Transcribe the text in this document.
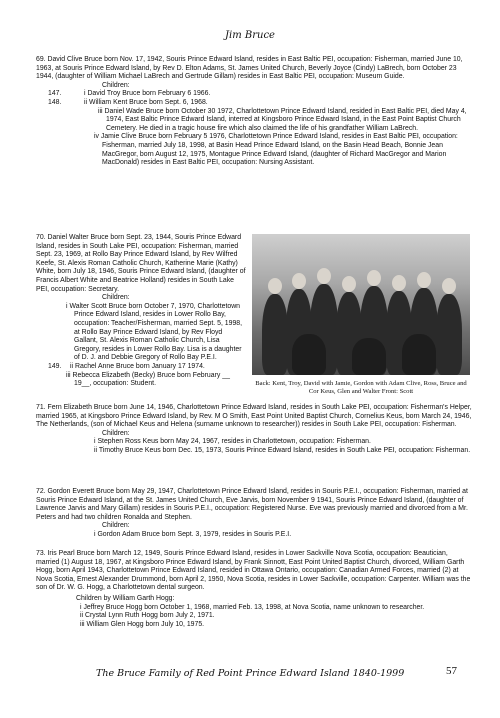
Jim Bruce

69. David Clive Bruce born Nov. 17, 1942, Souris Prince Edward Island, resides in East Baltic PEI, occupation: Fisherman, married June 10, 1963, at Souris Prince Edward Island, by Rev D. Elton Adams, St. James United Church, Beverly Joyce (Cindy) LaBrech, born October 23 1944, (daughter of William Michael LaBrech and Gertrude Gillam) resides in East Baltic PEI, occupation: Museum Guide.

Children:

147.	i David Troy Bruce born February 6 1966.

148.	ii William Kent Bruce born Sept. 6, 1968.

iii Daniel Wade Bruce born October 30 1972, Charlottetown Prince Edward Island, resided in East Baltic PEI, died May 4, 1974, East Baltic Prince Edward Island, interred at Kingsboro Prince Edward Island, in the East Point Baptist Church Cemetery. He died in a tragic house fire which also claimed the life of his grandfather William LaBrech.

iv Jamie Clive Bruce born February 5 1976, Charlottetown Prince Edward Island, resides in East Baltic PEI, occupation: Fisherman, married July 18, 1998, at Basin Head Prince Edward Island, on the Basin Head Beach, Bonnie Jean MacGregor, born August 12, 1975, Montague Prince Edward Island, (daughter of Richard MacGregor and Marion MacDonald) resides in East Baltic PEI, occupation: Nursing Assistant.

70. Daniel Walter Bruce born Sept. 23, 1944, Souris Prince Edward Island, resides in South Lake PEI, occupation: Fisherman, married Sept. 23, 1969, at Rollo Bay Prince Edward Island, by Rev Wilfred Keefe, St. Alexis Roman Catholic Church, Katherine Marie (Kathy) White, born July 18, 1946, Souris Prince Edward Island, (daughter of Francis Albert White and Beatrice Holland) resides in South Lake PEI, occupation: Secretary.

Children:

i Walter Scott Bruce born October 7, 1970, Charlottetown Prince Edward Island, resides in Lower Rollo Bay, occupation: Teacher/Fisherman, married Sept. 5, 1998, at Rollo Bay Prince Edward Island, by Rev Floyd Gallant, St. Alexis Roman Catholic Church, Lisa Gregory, resides in Lower Rollo Bay. Lisa is a daughter of D. J. and Debbie Gregory of Rollo Bay P.E.I.

149. ii Rachel Anne Bruce born January 17 1974.

iii Rebecca Elizabeth (Becky) Bruce born February __ 19__, occupation: Student.	Back: Kent, Troy, David with Jamie, Gordon with Adam Clive, Ross, Bruce and Cor Keus, Glen and Walter Front: Scott

71. Fern Elizabeth Bruce born June 14, 1946, Charlottetown Prince Edward Island, resides in South Lake PEI, occupation: Fisherman's Helper, married 1965, at Kingsboro Prince Edward Island, by Rev. M O Smith, East Point United Baptist Church, Cornelius Keus, born March 24, 1946, The Netherlands, (son of Michael Keus and Helena (surname unknown to researcher)) resides in South Lake PEI, occupation: Fisherman.

Children:

i Stephen Ross Keus born May 24, 1967, resides in Charlottetown, occupation: Fisherman.

ii Timothy Bruce Keus born Dec. 15, 1973, Souris Prince Edward Island, resides in South Lake PEI, occupation: Fisherman.

72. Gordon Everett Bruce born May 29, 1947, Charlottetown Prince Edward Island, resides in Souris P.E.I., occupation: Fisherman, married at Souris Prince Edward Island, at the St. James United Church, Eve Jarvis, born November 9 1941, Souris Prince Edward Island, (daughter of Lawrence Jarvis and Mary Gillam) resides in Souris P.E.I., occupation: Registered Nurse. Eve was previously married and divorced from a Mr. Peters and had two children Ronalda and Stephen.

Children:

i Gordon Adam Bruce born Sept. 3, 1979, resides in Souris P.E.I.

73. Iris Pearl Bruce born March 12, 1949, Souris Prince Edward Island, resides in Lower Sackville Nova Scotia, occupation: Beautician, married (1) August 18, 1967, at Kingsboro Prince Edward Island, by Frank Sinnott, East Point United Baptist Church, divorced, William Garth Hogg, born April 1943, Charlottetown Prince Edward Island, resided in Ottawa Ontario, occupation: Canadian Armed Forces, married (2) at Nova Scotia, Ernest Alexander Drummond, born April 2, 1950, Nova Scotia, resides in Lower Sackville, occupation: Carpenter. William was the son of Dr. W. G. Hogg, a Charlottetown dental surgeon.

Children by William Garth Hogg:

i Jeffrey Bruce Hogg born October 1, 1968, married Feb. 13, 1998, at Nova Scotia, name unknown to researcher.

ii Crystal Lynn Ruth Hogg born July 2, 1971.

iii William Glen Hogg born July 10, 1975.

The Bruce Family of Red Point Prince Edward Island 1840-1999	57
